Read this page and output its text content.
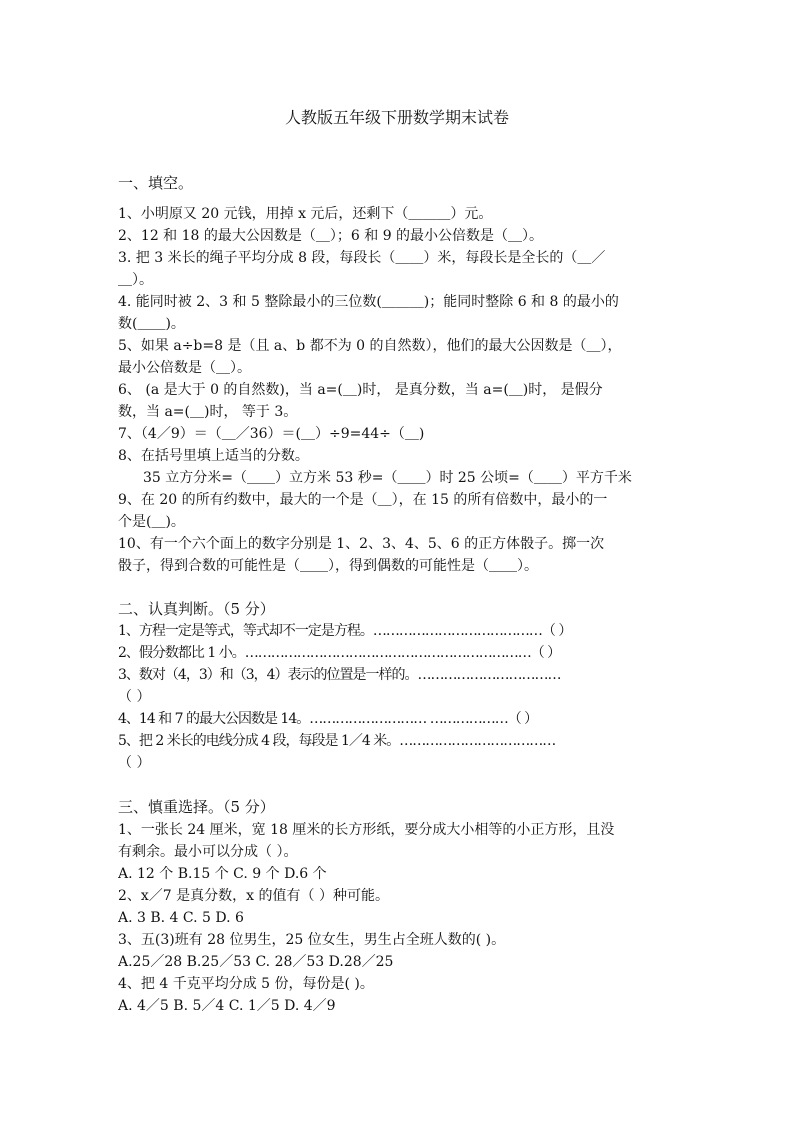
人教版五年级下册数学期末试卷
一、填空。
1、小明原又 20 元钱，用掉 x 元后，还剩下（＿＿＿）元。
2、12 和 18 的最大公因数是（＿）；6 和 9 的最小公倍数是（＿）。
3. 把 3 米长的绳子平均分成 8 段，每段长（＿＿）米，每段长是全长的（＿／
＿）。
4. 能同时被 2、3 和 5 整除最小的三位数(＿＿＿)；能同时整除 6 和 8 的最小的
数(＿＿)。
5、如果 a÷b=8 是（且 a、b 都不为 0 的自然数），他们的最大公因数是（＿），
最小公倍数是（＿）。
6、 (a 是大于 0 的自然数)，当 a=(＿)时， 是真分数，当 a=(＿)时， 是假分
数，当 a=(＿)时， 等于 3。
7、（4／9）＝（＿／36）＝(＿）÷9=44÷（＿)
8、在括号里填上适当的分数。
35 立方分米=（＿＿）立方米 53 秒=（＿＿）时 25 公顷=（＿＿）平方千米
9、在 20 的所有约数中，最大的一个是（＿），在 15 的所有倍数中，最小的一
个是(＿)。
10、有一个六个面上的数字分别是 1、2、3、4、5、6 的正方体骰子。掷一次
骰子，得到合数的可能性是（＿＿），得到偶数的可能性是（＿＿）。
二、认真判断。（5 分）
1、方程一定是等式，等式却不一定是方程。…………………………………（ ）
2、假分数都比 1 小。…………………………………………………………（ ）
3、数对（4，3）和（3，4）表示的位置是一样的。……………………………
（ ）
4、14 和 7 的最大公因数是 14。……………………… ………………（ ）
5、把 2 米长的电线分成 4 段，每段是 1／4 米。………………………………
（ ）
三、慎重选择。（5 分）
1、一张长 24 厘米，宽 18 厘米的长方形纸，要分成大小相等的小正方形，且没
有剩余。最小可以分成（ ）。
A. 12 个 B.15 个 C. 9 个 D.6 个
2、x／7 是真分数，x 的值有（ ）种可能。
A. 3 B. 4 C. 5 D. 6
3、五(3)班有 28 位男生，25 位女生，男生占全班人数的( )。
A.25／28 B.25／53 C. 28／53 D.28／25
4、把 4 千克平均分成 5 份，每份是( )。
A. 4／5 B. 5／4 C. 1／5 D. 4／9
